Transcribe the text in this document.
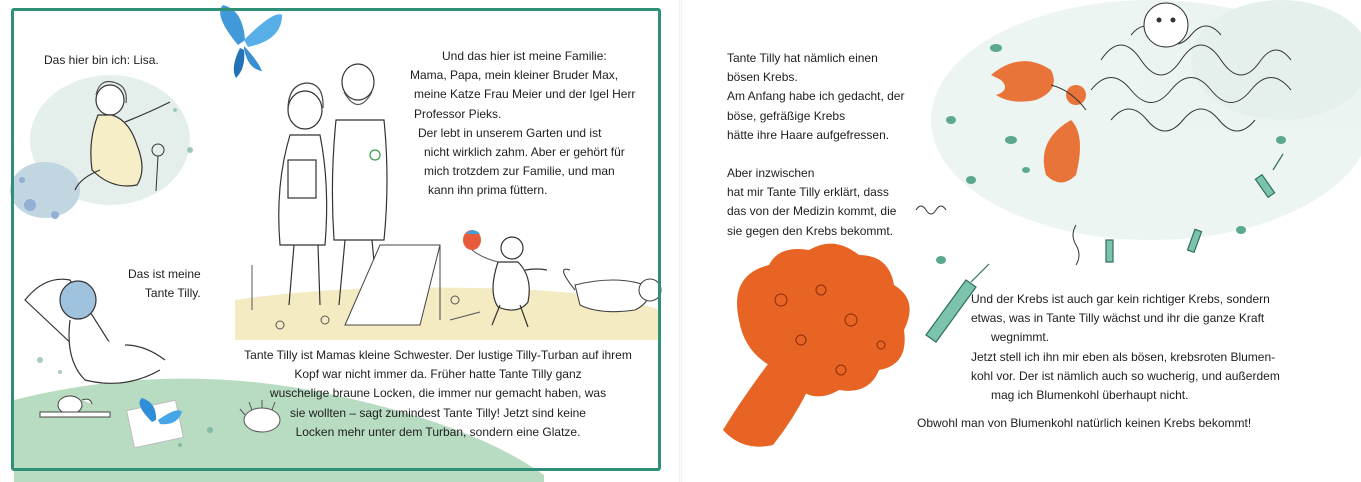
Das hier bin ich: Lisa.	Und das hier ist meine Familie:
Mama, Papa, mein kleiner Bruder Max,
meine Katze Frau Meier und der Igel Herr
Professor Pieks.
Der lebt in unserem Garten und ist
nicht wirklich zahm. Aber er gehört für
mich trotzdem zur Familie, und man
kann ihn prima füttern.
Das ist meine
Tante Tilly.
Tante Tilly ist Mamas kleine Schwester. Der lustige Tilly-Turban auf ihrem
Kopf war nicht immer da. Früher hatte Tante Tilly ganz
wuschelige braune Locken, die immer nur gemacht haben, was
sie wollten – sagt zumindest Tante Tilly! Jetzt sind keine
Locken mehr unter dem Turban, sondern eine Glatze.
Tante Tilly hat nämlich einen
bösen Krebs.
Am Anfang habe ich gedacht, der
böse, gefräßige Krebs
hätte ihre Haare aufgefressen.
Aber inzwischen
hat mir Tante Tilly erklärt, dass
das von der Medizin kommt, die
sie gegen den Krebs bekommt.
Und der Krebs ist auch gar kein richtiger Krebs, sondern
etwas, was in Tante Tilly wächst und ihr die ganze Kraft
wegnimmt.
Jetzt stell ich ihn mir eben als bösen, krebsroten Blumen-
kohl vor. Der ist nämlich auch so wucherig, und außerdem
mag ich Blumenkohl überhaupt nicht.
Obwohl man von Blumenkohl natürlich keinen Krebs bekommt!
